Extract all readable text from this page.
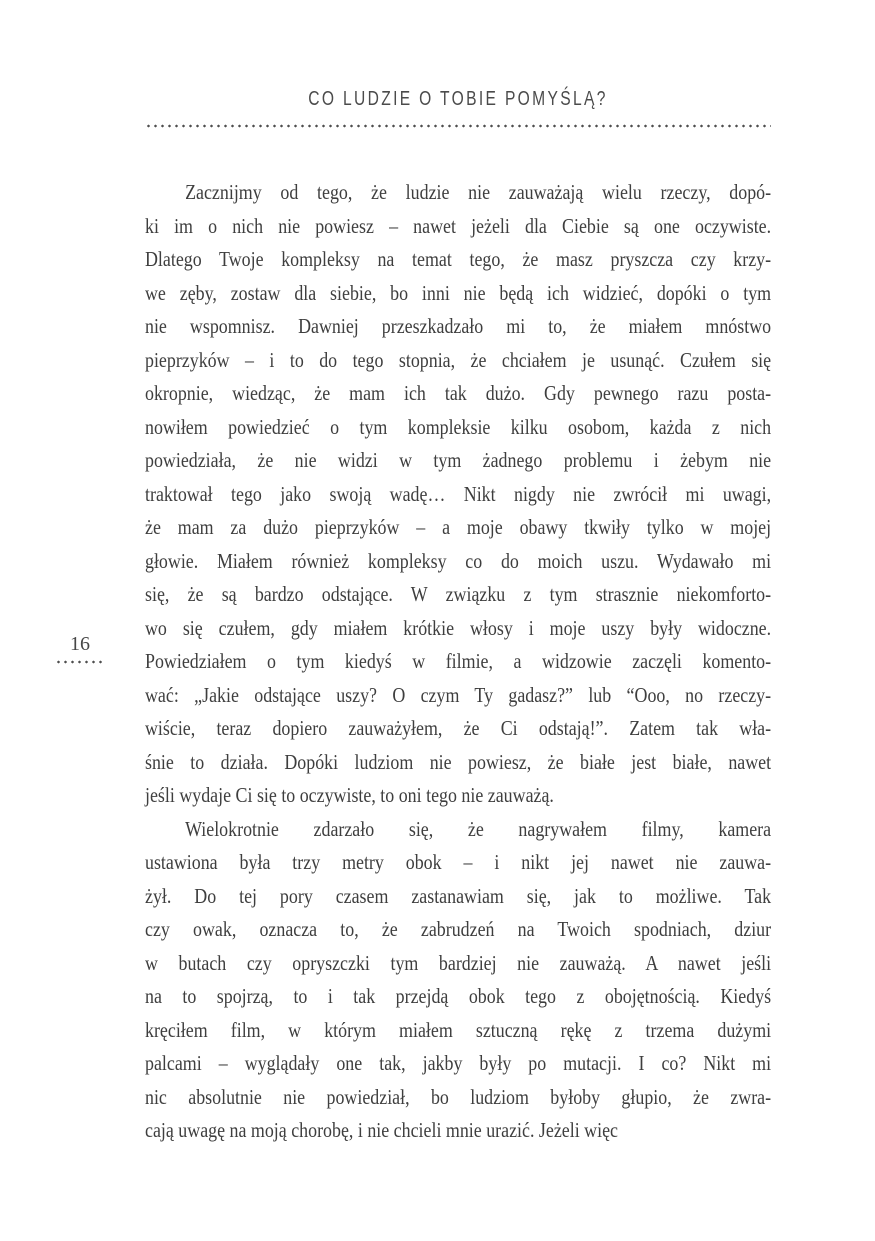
CO LUDZIE O TOBIE POMYŚLĄ?
16
Zacznijmy od tego, że ludzie nie zauważają wielu rzeczy, dopó-
ki im o nich nie powiesz – nawet jeżeli dla Ciebie są one oczywiste.
Dlatego Twoje kompleksy na temat tego, że masz pryszcza czy krzy-
we zęby, zostaw dla siebie, bo inni nie będą ich widzieć, dopóki o tym
nie wspomnisz. Dawniej przeszkadzało mi to, że miałem mnóstwo
pieprzyków – i to do tego stopnia, że chciałem je usunąć. Czułem się
okropnie, wiedząc, że mam ich tak dużo. Gdy pewnego razu posta-
nowiłem powiedzieć o tym kompleksie kilku osobom, każda z nich
powiedziała, że nie widzi w tym żadnego problemu i żebym nie
traktował tego jako swoją wadę… Nikt nigdy nie zwrócił mi uwagi,
że mam za dużo pieprzyków – a moje obawy tkwiły tylko w mojej
głowie. Miałem również kompleksy co do moich uszu. Wydawało mi
się, że są bardzo odstające. W związku z tym strasznie niekomforto-
wo się czułem, gdy miałem krótkie włosy i moje uszy były widoczne.
Powiedziałem o tym kiedyś w filmie, a widzowie zaczęli komento-
wać: „Jakie odstające uszy? O czym Ty gadasz?” lub “Ooo, no rzeczy-
wiście, teraz dopiero zauważyłem, że Ci odstają!”. Zatem tak wła-
śnie to działa. Dopóki ludziom nie powiesz, że białe jest białe, nawet
jeśli wydaje Ci się to oczywiste, to oni tego nie zauważą.
Wielokrotnie zdarzało się, że nagrywałem filmy, kamera
ustawiona była trzy metry obok – i nikt jej nawet nie zauwa-
żył. Do tej pory czasem zastanawiam się, jak to możliwe. Tak
czy owak, oznacza to, że zabrudzeń na Twoich spodniach, dziur
w butach czy opryszczki tym bardziej nie zauważą. A nawet jeśli
na to spojrzą, to i tak przejdą obok tego z obojętnością. Kiedyś
kręciłem film, w którym miałem sztuczną rękę z trzema dużymi
palcami – wyglądały one tak, jakby były po mutacji. I co? Nikt mi
nic absolutnie nie powiedział, bo ludziom byłoby głupio, że zwra-
cają uwagę na moją chorobę, i nie chcieli mnie urazić. Jeżeli więc
